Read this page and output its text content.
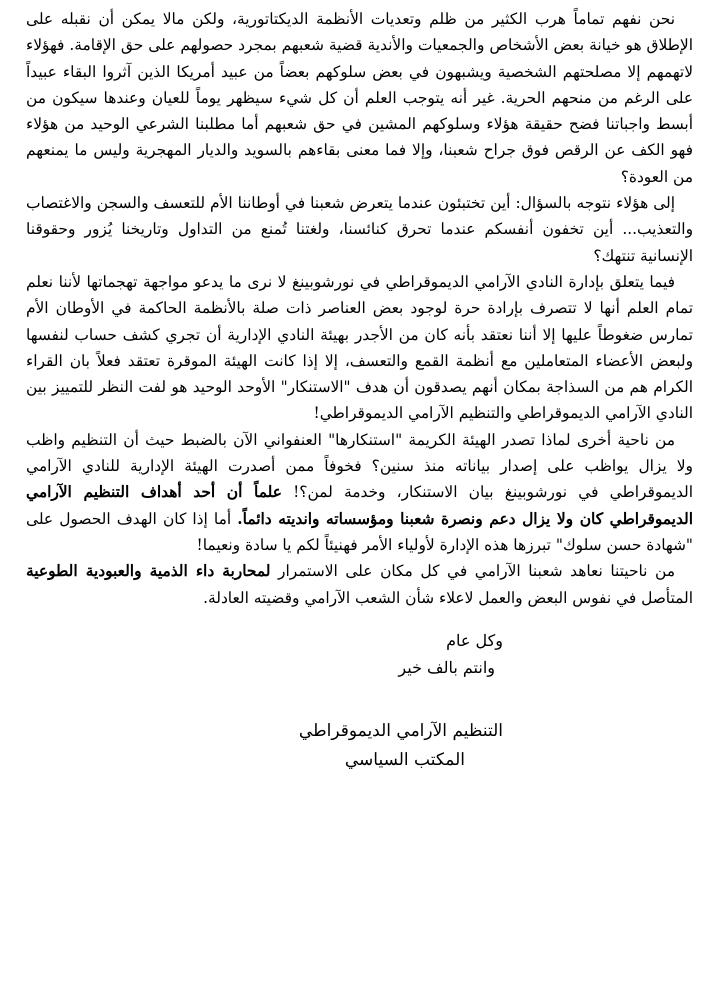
نحن نفهم تماماً هرب الكثير من ظلم وتعديات الأنظمة الديكتاتورية، ولكن مالا يمكن أن نقبله على الإطلاق هو خيانة بعض الأشخاص والجمعيات والأندية قضية شعبهم بمجرد حصولهم على حق الإقامة. فهؤلاء لاتهمهم إلا مصلحتهم الشخصية ويشبهون في بعض سلوكهم بعضاً من عبيد أمريكا الذين آثروا البقاء عبيداً على الرغم من منحهم الحرية. غير أنه يتوجب العلم أن كل شيء سيظهر يوماً للعيان وعندها سيكون من أبسط واجباتنا فضح حقيقة هؤلاء وسلوكهم المشين في حق شعبهم أما مطلبنا الشرعي الوحيد من هؤلاء فهو الكف عن الرقص فوق جراح شعبنا، وإلا فما معنى بقاءهم بالسويد والديار المهجرية وليس ما يمنعهم من العودة؟

إلى هؤلاء نتوجه بالسؤال: أين تختبئون عندما يتعرض شعبنا في أوطاننا الأم للتعسف والسجن والاغتصاب والتعذيب... أين تخفون أنفسكم عندما تحرق كنائسنا، ولغتنا تُمنع من التداول وتاريخنا يُزور وحقوقنا الإنسانية تنتهك؟

فيما يتعلق بإدارة النادي الآرامي الديموقراطي في نورشوبينغ لا نرى ما يدعو مواجهة تهجماتها لأننا نعلم تمام العلم أنها لا تتصرف بإرادة حرة لوجود بعض العناصر ذات صلة بالأنظمة الحاكمة في الأوطان الأم تمارس ضغوطاً عليها إلا أننا نعتقد بأنه كان من الأجدر بهيئة النادي الإدارية أن تجري كشف حساب لنفسها ولبعض الأعضاء المتعاملين مع أنظمة القمع والتعسف، إلا إذا كانت الهيئة الموقرة تعتقد فعلاً بان القراء الكرام هم من السذاجة بمكان أنهم يصدقون أن هدف "الاستنكار" الأوحد الوحيد هو لفت النظر للتمييز بين النادي الآرامي الديموقراطي والتنظيم الآرامي الديموقراطي!

من ناحية أخرى لماذا تصدر الهيئة الكريمة "استنكارها" العنفواني الآن بالضبط حيث أن التنظيم واظب ولا يزال يواظب على إصدار بياناته منذ سنين؟ فخوفاً ممن أصدرت الهيئة الإدارية للنادي الآرامي الديموقراطي في نورشوبينغ بيان الاستنكار، وخدمة لمن؟! علماً أن أحد أهداف التنظيم الآرامي الديموقراطي كان ولا يزال دعم ونصرة شعبنا ومؤسساته وانديته دائماً. أما إذا كان الهدف الحصول على "شهادة حسن سلوك" تبرزها هذه الإدارة لأولياء الأمر فهنيئاً لكم يا سادة ونعيما!

من ناحيتنا نعاهد شعبنا الآرامي في كل مكان على الاستمرار لمحاربة داء الذمية والعبودية الطوعية المتأصل في نفوس البعض والعمل لاعلاء شأن الشعب الآرامي وقضيته العادلة.

وكل عام
وانتم بالف خير
التنظيم الآرامي الديموقراطي
المكتب السياسي
